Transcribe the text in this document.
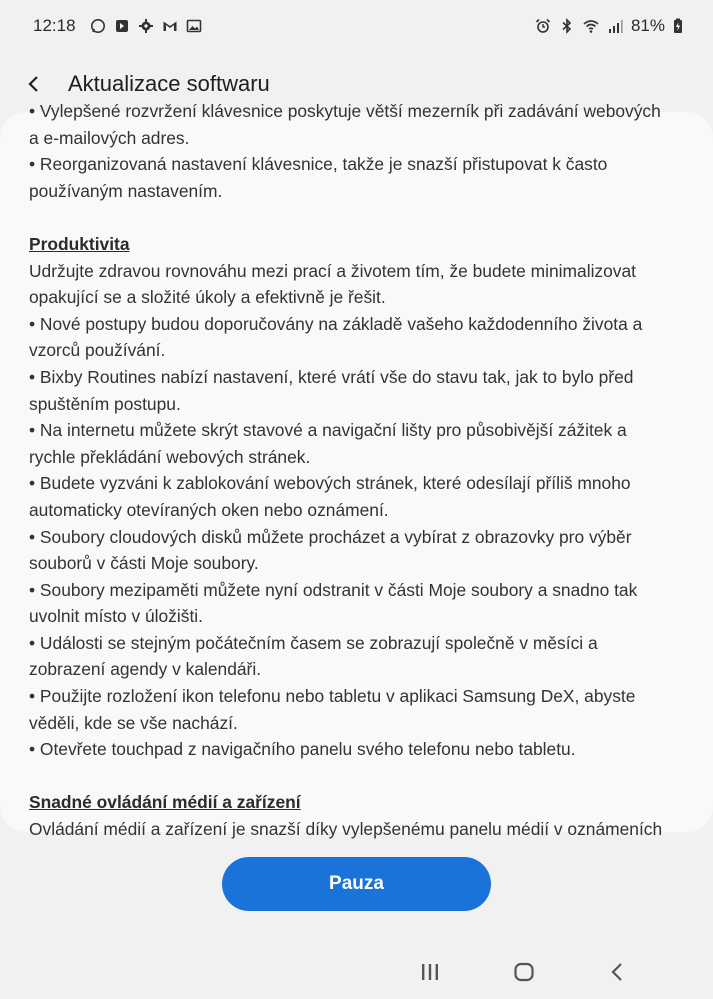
12:18	81%
Aktualizace softwaru

• Vylepšené rozvržení klávesnice poskytuje větší mezerník při zadávání webových

a e-mailových adres.

• Reorganizovaná nastavení klávesnice, takže je snazší přistupovat k často

používaným nastavením.

Produktivita

Udržujte zdravou rovnováhu mezi prací a životem tím, že budete minimalizovat

opakující se a složité úkoly a efektivně je řešit.

• Nové postupy budou doporučovány na základě vašeho každodenního života a

vzorců používání.

• Bixby Routines nabízí nastavení, které vrátí vše do stavu tak, jak to bylo před

spuštěním postupu.

• Na internetu můžete skrýt stavové a navigační lišty pro působivější zážitek a

rychle překládání webových stránek.

• Budete vyzváni k zablokování webových stránek, které odesílají příliš mnoho

automaticky otevíraných oken nebo oznámení.

• Soubory cloudových disků můžete procházet a vybírat z obrazovky pro výběr

souborů v části Moje soubory.

• Soubory mezipaměti můžete nyní odstranit v části Moje soubory a snadno tak

uvolnit místo v úložišti.

• Události se stejným počátečním časem se zobrazují společně v měsíci a

zobrazení agendy v kalendáři.

• Použijte rozložení ikon telefonu nebo tabletu v aplikaci Samsung DeX, abyste

věděli, kde se vše nachází.

• Otevřete touchpad z navigačního panelu svého telefonu nebo tabletu.

Snadné ovládání médií a zařízení

Ovládání médií a zařízení je snazší díky vylepšenému panelu médií v oznámeních

Pauza
